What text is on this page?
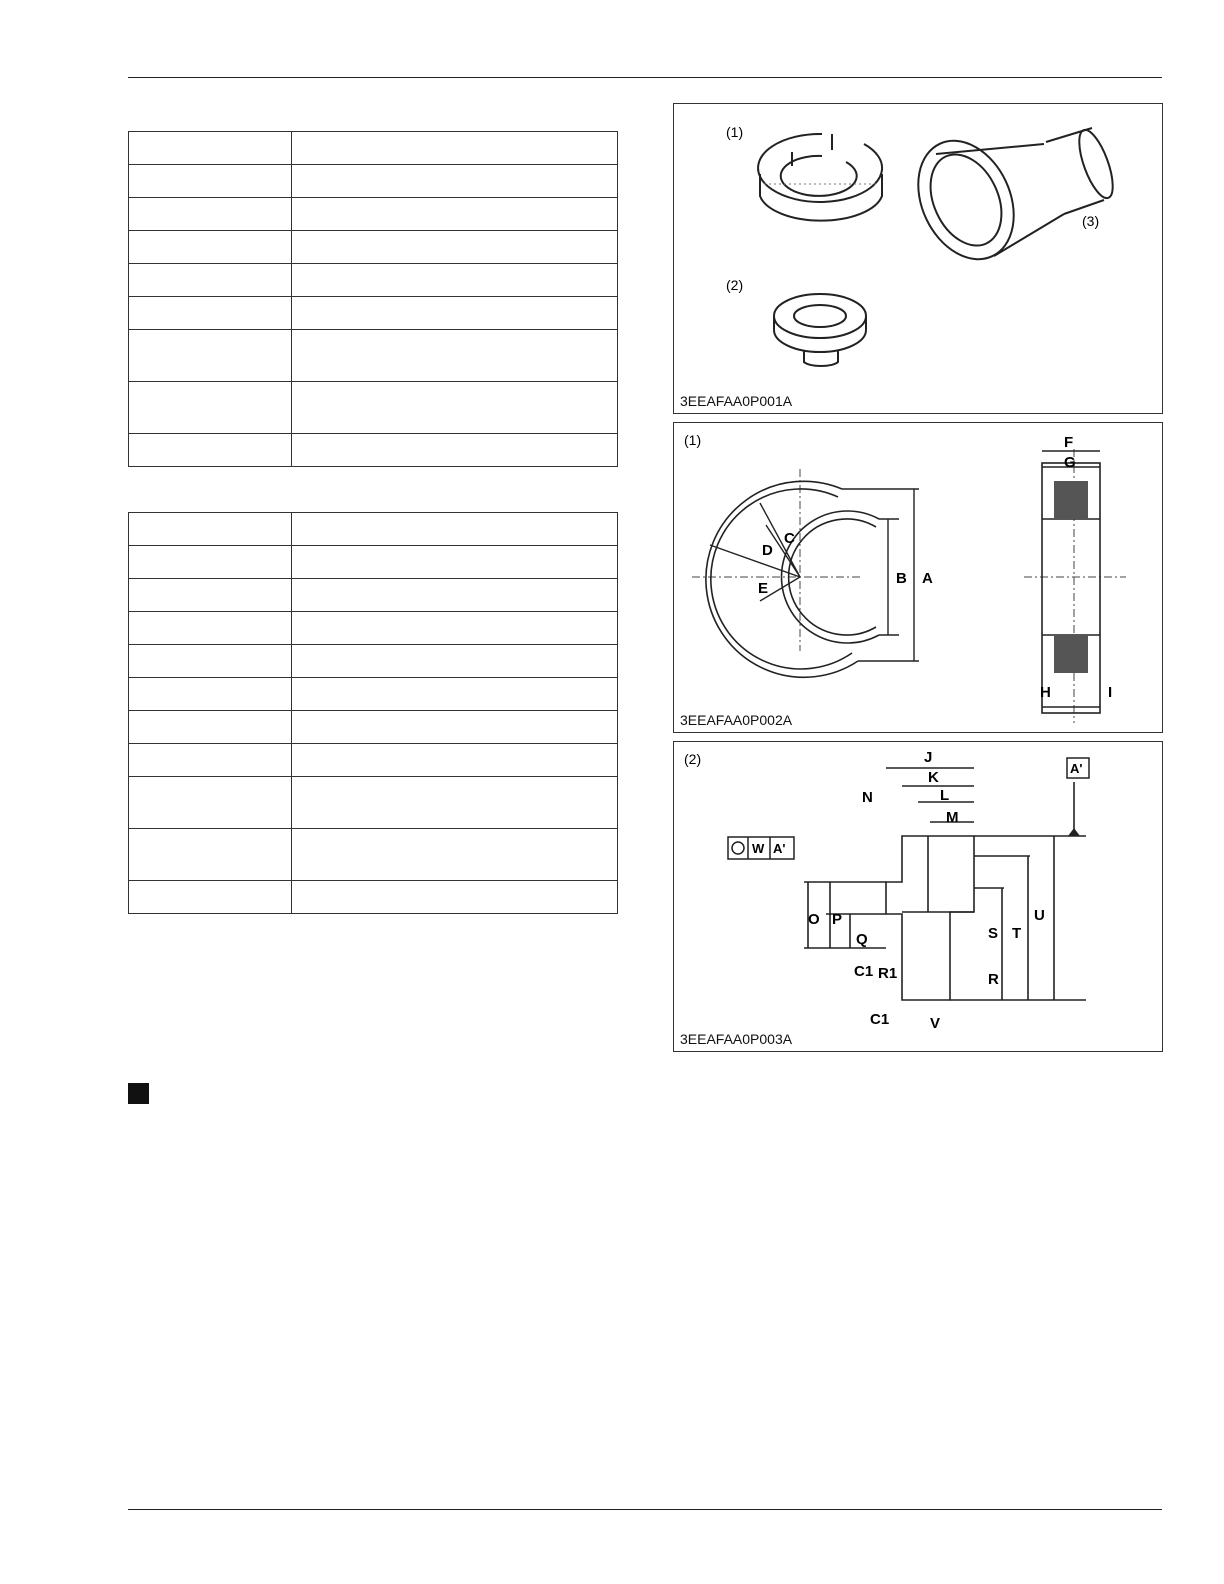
(1)
(2)
(3)
3EEAFAA0P001A
(1)
B A
C
D
E
F
G
H	I
3EEAFAA0P002A
(2)
W A'
A'
J
K
L
M
N
O P
Q
R
S T
U
V
C1 R1
C1
3EEAFAA0P003A
